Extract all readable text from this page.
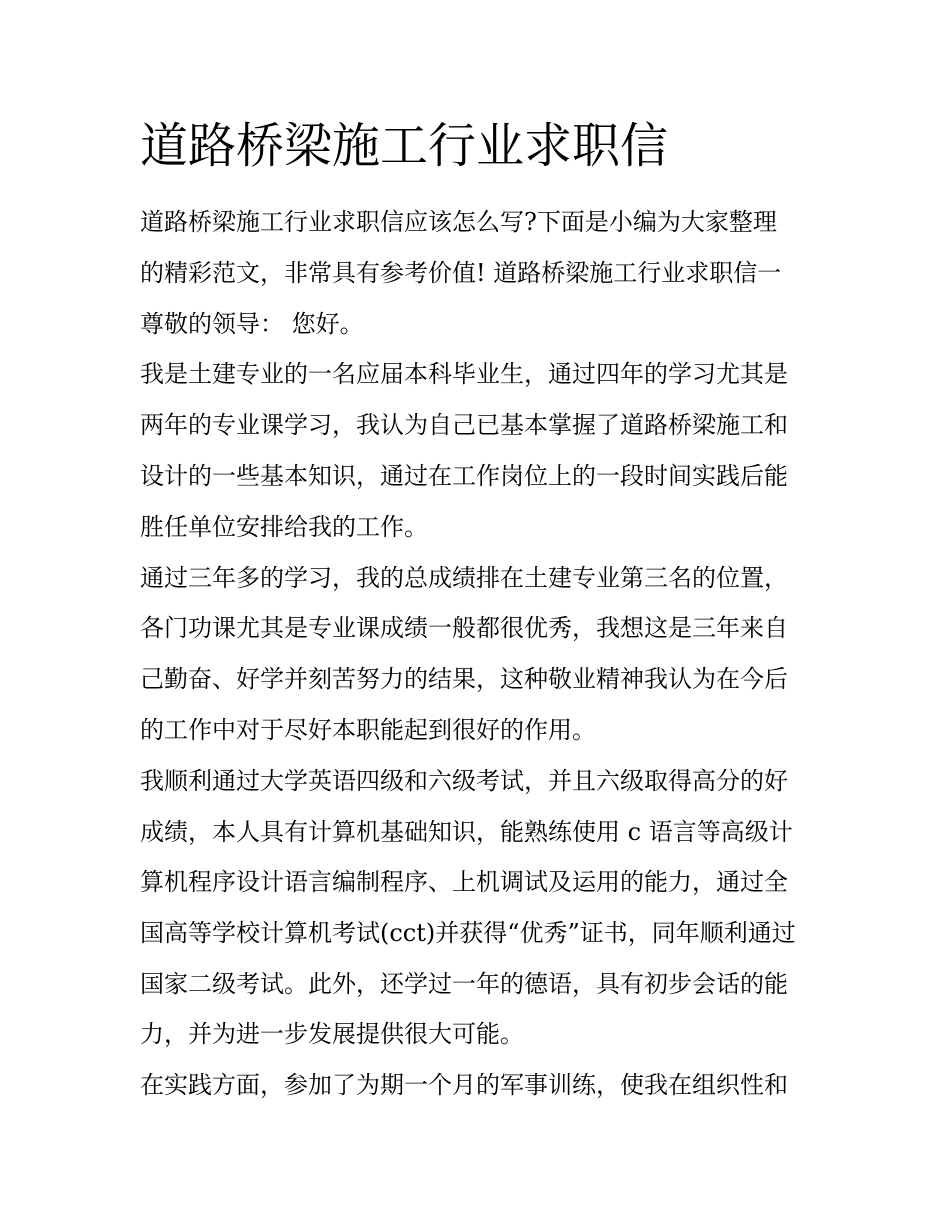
道路桥梁施工行业求职信

道路桥梁施工行业求职信应该怎么写?下面是小编为大家整理

的精彩范文，非常具有参考价值! 道路桥梁施工行业求职信一

尊敬的领导： 您好。

我是土建专业的一名应届本科毕业生，通过四年的学习尤其是

两年的专业课学习，我认为自己已基本掌握了道路桥梁施工和

设计的一些基本知识，通过在工作岗位上的一段时间实践后能

胜任单位安排给我的工作。

通过三年多的学习，我的总成绩排在土建专业第三名的位置，

各门功课尤其是专业课成绩一般都很优秀，我想这是三年来自

己勤奋、好学并刻苦努力的结果，这种敬业精神我认为在今后

的工作中对于尽好本职能起到很好的作用。

我顺利通过大学英语四级和六级考试，并且六级取得高分的好

成绩，本人具有计算机基础知识，能熟练使用 c 语言等高级计

算机程序设计语言编制程序、上机调试及运用的能力，通过全

国高等学校计算机考试(cct)并获得“优秀”证书，同年顺利通过

国家二级考试。此外，还学过一年的德语，具有初步会话的能

力，并为进一步发展提供很大可能。

在实践方面，参加了为期一个月的军事训练，使我在组织性和
